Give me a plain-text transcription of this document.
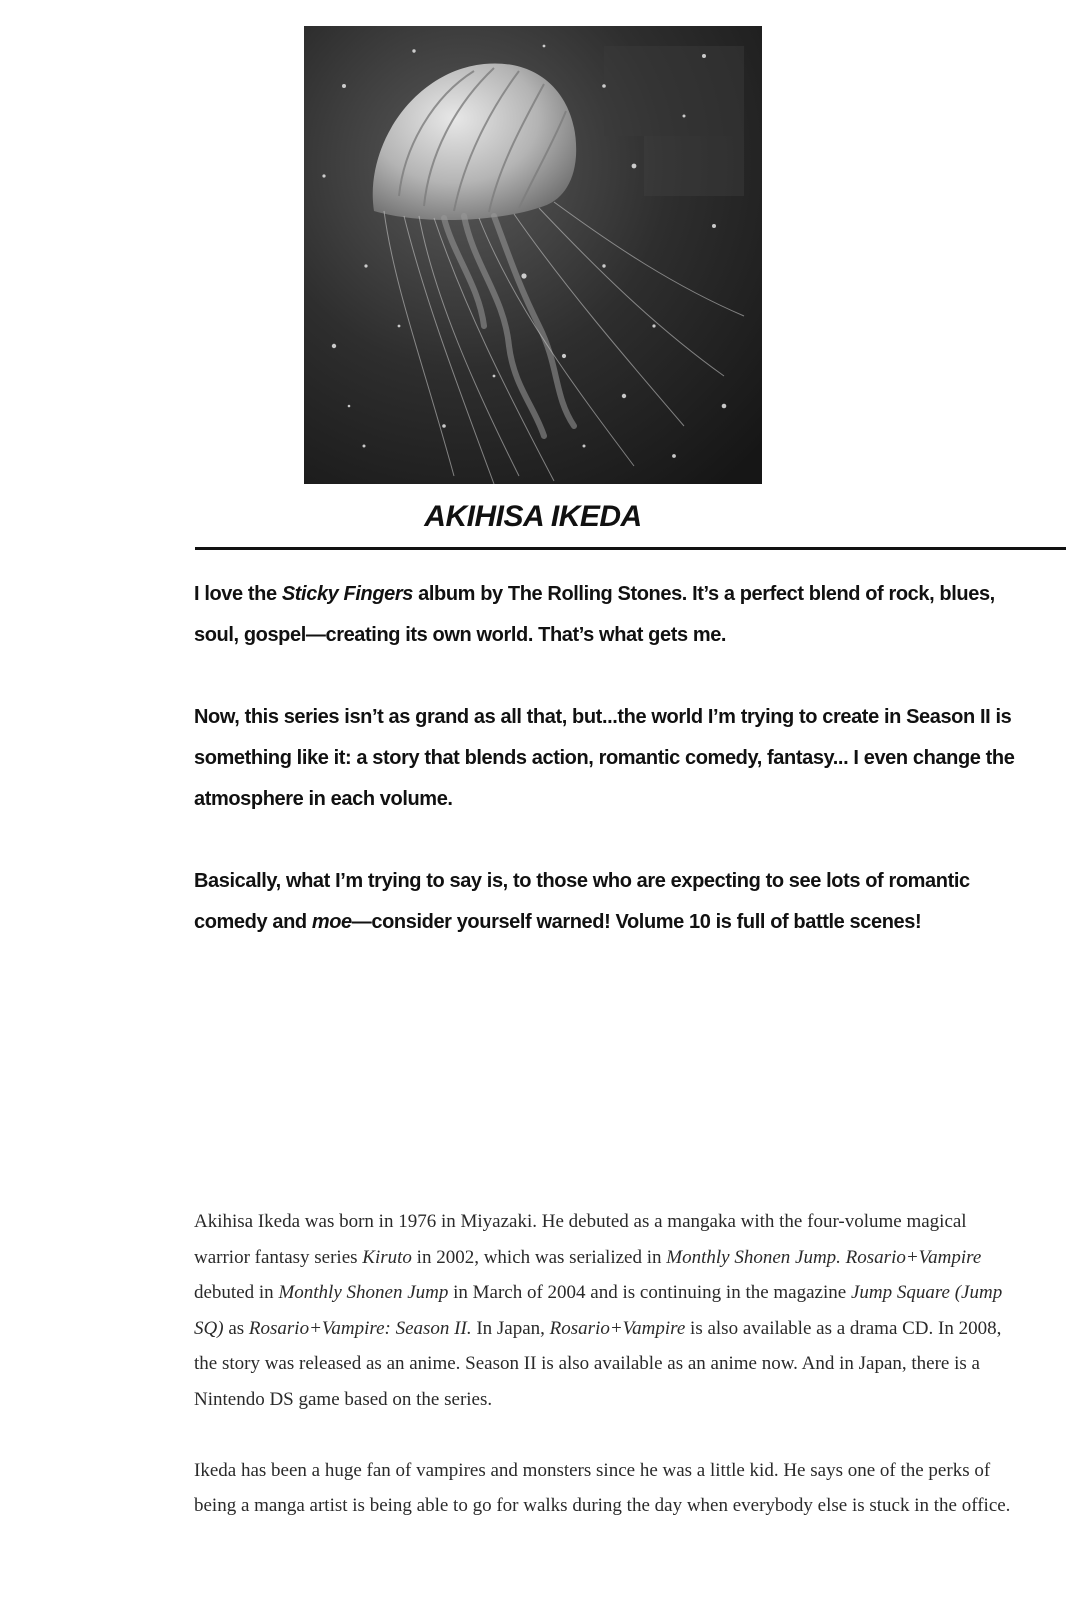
AKIHISA IKEDA

I love the Sticky Fingers album by The Rolling Stones. It’s a perfect blend of rock, blues, soul, gospel—creating its own world. That’s what gets me.

Now, this series isn’t as grand as all that, but...the world I’m trying to create in Season II is something like it: a story that blends action, romantic comedy, fantasy... I even change the atmosphere in each volume.

Basically, what I’m trying to say is, to those who are expecting to see lots of romantic comedy and moe—consider yourself warned! Volume 10 is full of battle scenes!

Akihisa Ikeda was born in 1976 in Miyazaki. He debuted as a mangaka with the four-volume magical warrior fantasy series Kiruto in 2002, which was serialized in Monthly Shonen Jump. Rosario+Vampire debuted in Monthly Shonen Jump in March of 2004 and is continuing in the magazine Jump Square (Jump SQ) as Rosario+Vampire: Season II. In Japan, Rosario+Vampire is also available as a drama CD. In 2008, the story was released as an anime. Season II is also available as an anime now. And in Japan, there is a Nintendo DS game based on the series.

Ikeda has been a huge fan of vampires and monsters since he was a little kid. He says one of the perks of being a manga artist is being able to go for walks during the day when everybody else is stuck in the office.
